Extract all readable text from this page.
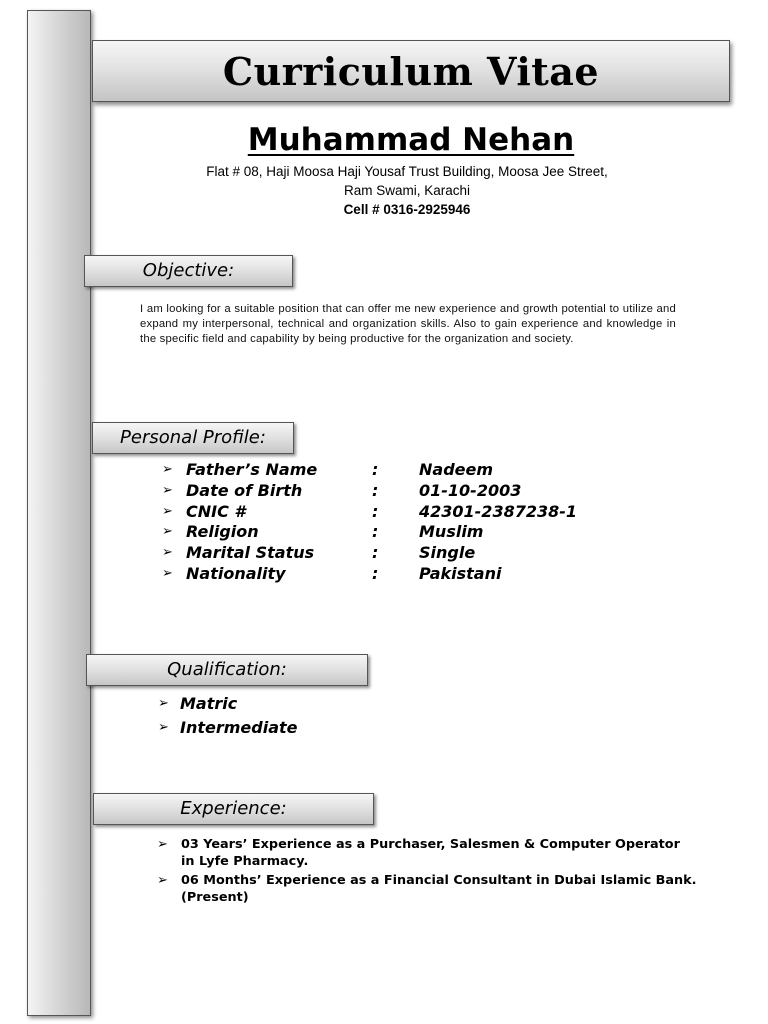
Curriculum Vitae
Muhammad Nehan
Flat # 08, Haji Moosa Haji Yousaf Trust Building, Moosa Jee Street,
Ram Swami, Karachi
Cell # 0316-2925946
Objective:
I am looking for a suitable position that can offer me new experience and growth potential to utilize and expand my interpersonal, technical and organization skills. Also to gain experience and knowledge in the specific field and capability by being productive for the organization and society.
Personal Profile:
➢ Father’s Name	:	Nadeem
➢ Date of Birth	:	01-10-2003
➢ CNIC #	:	42301-2387238-1
➢ Religion	:	Muslim
➢ Marital Status	:	Single
➢ Nationality	:	Pakistani
Qualification:
➢ Matric
➢ Intermediate
Experience:
➢ 03 Years’ Experience as a Purchaser, Salesmen & Computer Operator in Lyfe Pharmacy.
➢ 06 Months’ Experience as a Financial Consultant in Dubai Islamic Bank. (Present)
